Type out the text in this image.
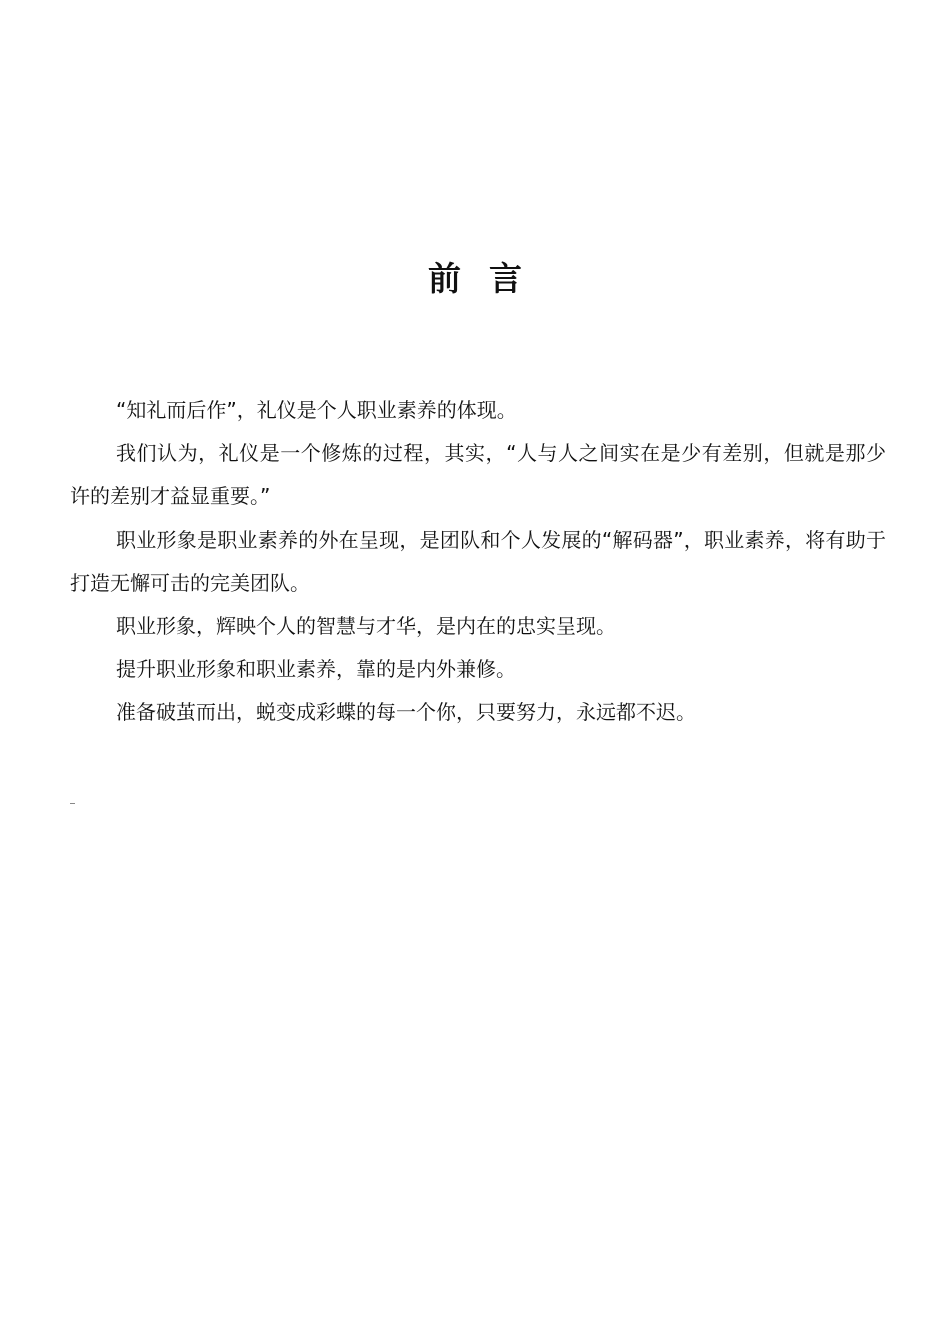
前言

“知礼而后作”，礼仪是个人职业素养的体现。

我们认为，礼仪是一个修炼的过程，其实，“人与人之间实在是少有差别，但就是那少许的差别才益显重要。”

职业形象是职业素养的外在呈现，是团队和个人发展的“解码器”，职业素养，将有助于打造无懈可击的完美团队。

职业形象，辉映个人的智慧与才华，是内在的忠实呈现。

提升职业形象和职业素养，靠的是内外兼修。

准备破茧而出，蜕变成彩蝶的每一个你，只要努力，永远都不迟。
